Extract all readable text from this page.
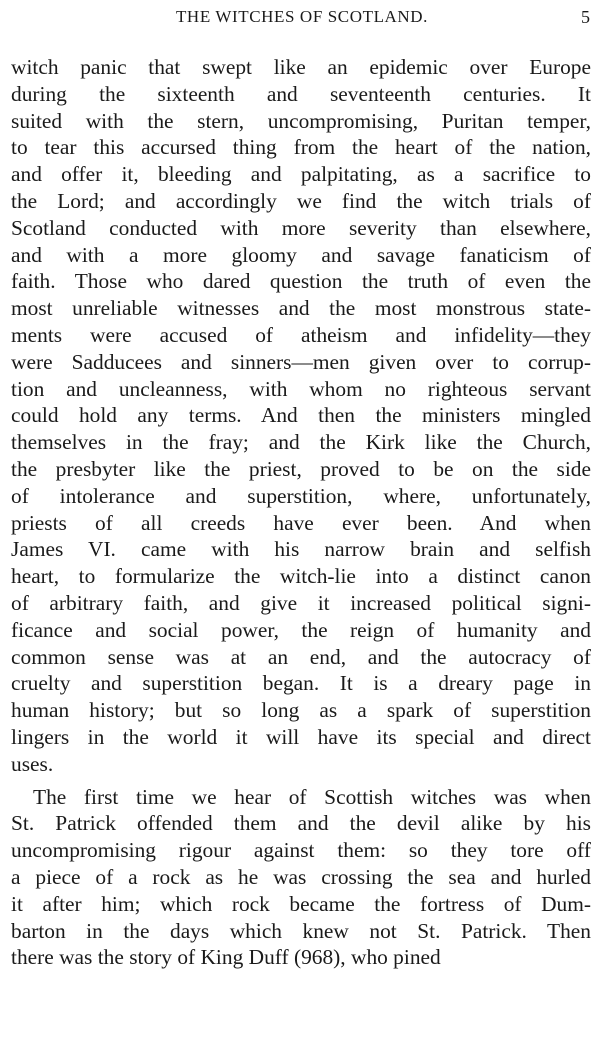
THE WITCHES OF SCOTLAND.	5
witch panic that swept like an epidemic over Europe
during the sixteenth and seventeenth centuries. It
suited with the stern, uncompromising, Puritan temper,
to tear this accursed thing from the heart of the nation,
and offer it, bleeding and palpitating, as a sacrifice to
the Lord; and accordingly we find the witch trials of
Scotland conducted with more severity than elsewhere,
and with a more gloomy and savage fanaticism of
faith. Those who dared question the truth of even the
most unreliable witnesses and the most monstrous state-
ments were accused of atheism and infidelity—they
were Sadducees and sinners—men given over to corrup-
tion and uncleanness, with whom no righteous servant
could hold any terms. And then the ministers mingled
themselves in the fray; and the Kirk like the Church,
the presbyter like the priest, proved to be on the side
of intolerance and superstition, where, unfortunately,
priests of all creeds have ever been. And when
James VI. came with his narrow brain and selfish
heart, to formularize the witch-lie into a distinct canon
of arbitrary faith, and give it increased political signi-
ficance and social power, the reign of humanity and
common sense was at an end, and the autocracy of
cruelty and superstition began. It is a dreary page in
human history; but so long as a spark of superstition
lingers in the world it will have its special and direct
uses.
The first time we hear of Scottish witches was when
St. Patrick offended them and the devil alike by his
uncompromising rigour against them: so they tore off
a piece of a rock as he was crossing the sea and hurled
it after him; which rock became the fortress of Dum-
barton in the days which knew not St. Patrick. Then
there was the story of King Duff (968), who pined
